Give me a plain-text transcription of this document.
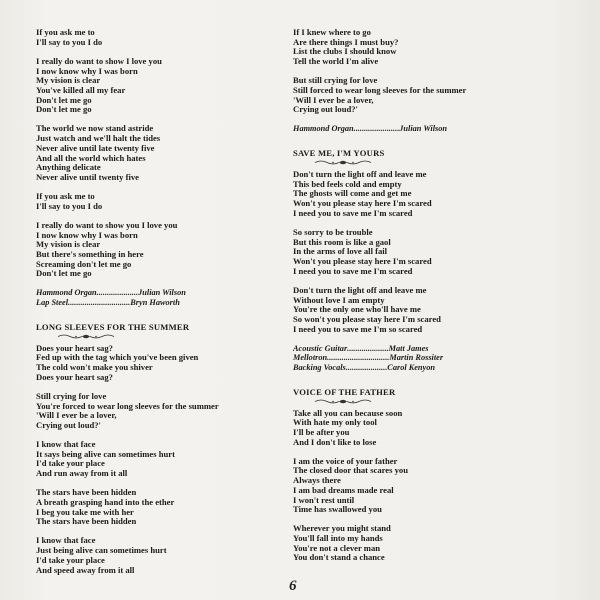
If you ask me to
I'll say to you I do
I really do want to show I love you
I now know why I was born
My vision is clear
You've killed all my fear
Don't let me go
Don't let me go
The world we now stand astride
Just watch and we'll halt the tides
Never alive until late twenty five
And all the world which hates
Anything delicate
Never alive until twenty five
If you ask me to
I'll say to you I do
I really do want to show you I love you
I now know why I was born
My vision is clear
But there's something in here
Screaming don't let me go
Don't let me go
Hammond Organ .................... Julian Wilson
Lap Steel .............................. Bryn Haworth
LONG SLEEVES FOR THE SUMMER
Does your heart sag?
Fed up with the tag which you've been given
The cold won't make you shiver
Does your heart sag?
Still crying for love
You're forced to wear long sleeves for the summer
'Will I ever be a lover,
Crying out loud?'
I know that face
It says being alive can sometimes hurt
I'd take your place
And run away from it all
The stars have been hidden
A breath grasping hand into the ether
I beg you take me with her
The stars have been hidden
I know that face
Just being alive can sometimes hurt
I'd take your place
And speed away from it all
If I knew where to go
Are there things I must buy?
List the clubs I should know
Tell the world I'm alive
But still crying for love
Still forced to wear long sleeves for the summer
'Will I ever be a lover,
Crying out loud?'
Hammond Organ ...................... Julian Wilson
SAVE ME, I'M YOURS
Don't turn the light off and leave me
This bed feels cold and empty
The ghosts will come and get me
Won't you please stay here I'm scared
I need you to save me I'm scared
So sorry to be trouble
But this room is like a gaol
In the arms of love all fail
Won't you please stay here I'm scared
I need you to save me I'm scared
Don't turn the light off and leave me
Without love I am empty
You're the only one who'll have me
So won't you please stay here I'm scared
I need you to save me I'm so scared
Acoustic Guitar .................... Matt James
Mellotron .............................. Martin Rossiter
Backing Vocals .................... Carol Kenyon
VOICE OF THE FATHER
Take all you can because soon
With hate my only tool
I'll be after you
And I don't like to lose
I am the voice of your father
The closed door that scares you
Always there
I am bad dreams made real
I won't rest until
Time has swallowed you
Wherever you might stand
You'll fall into my hands
You're not a clever man
You don't stand a chance
6
